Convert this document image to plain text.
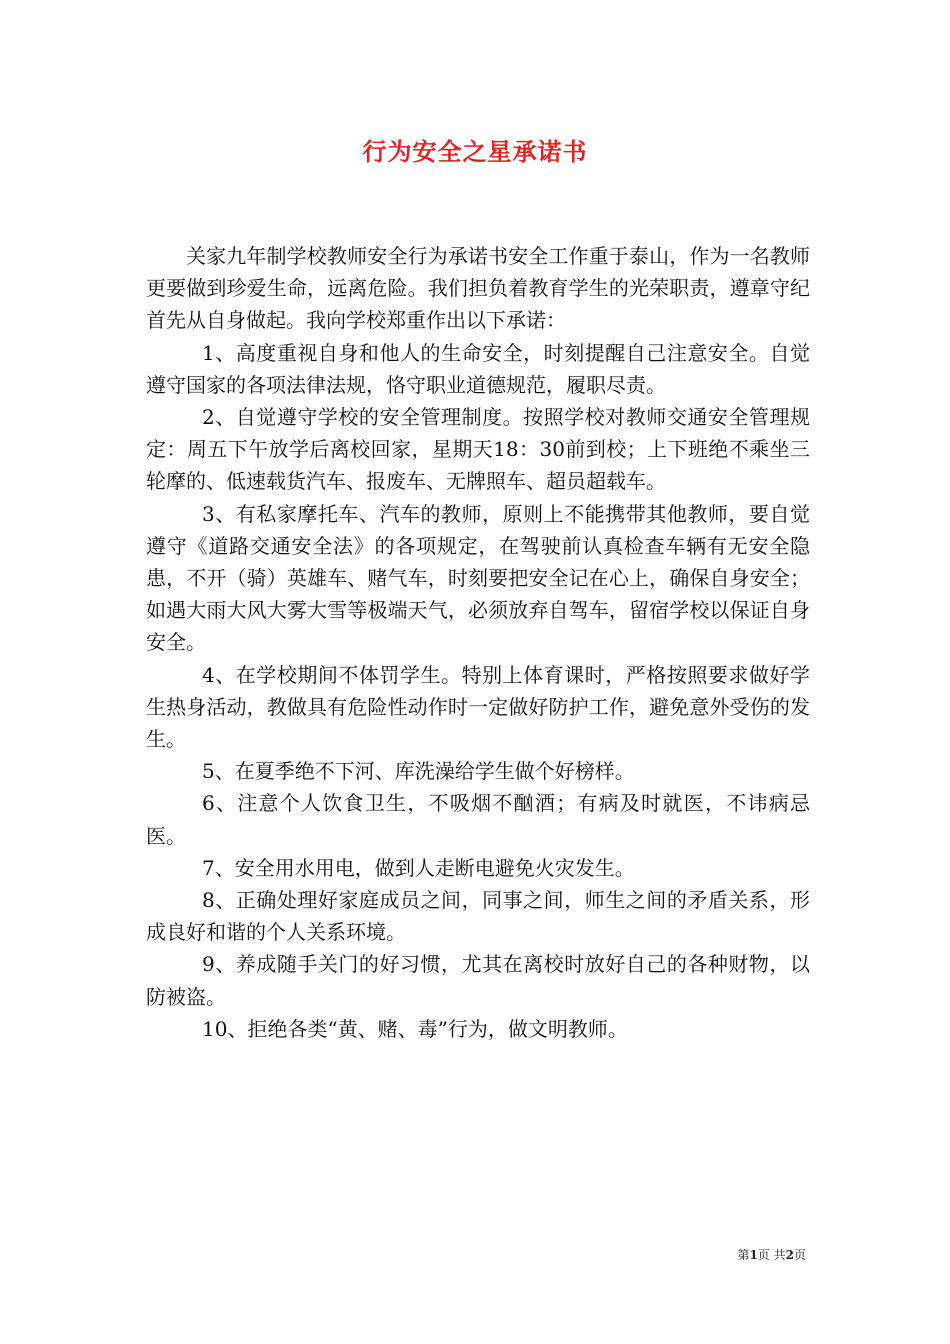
行为安全之星承诺书

关家九年制学校教师安全行为承诺书安全工作重于泰山，作为一名教师更要做到珍爱生命，远离危险。我们担负着教育学生的光荣职责，遵章守纪首先从自身做起。我向学校郑重作出以下承诺：

1、高度重视自身和他人的生命安全，时刻提醒自己注意安全。自觉遵守国家的各项法律法规，恪守职业道德规范，履职尽责。

2、自觉遵守学校的安全管理制度。按照学校对教师交通安全管理规定：周五下午放学后离校回家，星期天18：30前到校；上下班绝不乘坐三轮摩的、低速载货汽车、报废车、无牌照车、超员超载车。

3、有私家摩托车、汽车的教师，原则上不能携带其他教师，要自觉遵守《道路交通安全法》的各项规定，在驾驶前认真检查车辆有无安全隐患，不开（骑）英雄车、赌气车，时刻要把安全记在心上，确保自身安全；如遇大雨大风大雾大雪等极端天气，必须放弃自驾车，留宿学校以保证自身安全。

4、在学校期间不体罚学生。特别上体育课时，严格按照要求做好学生热身活动，教做具有危险性动作时一定做好防护工作，避免意外受伤的发生。

5、在夏季绝不下河、库洗澡给学生做个好榜样。

6、注意个人饮食卫生，不吸烟不酗酒；有病及时就医，不讳病忌医。

7、安全用水用电，做到人走断电避免火灾发生。

8、正确处理好家庭成员之间，同事之间，师生之间的矛盾关系，形成良好和谐的个人关系环境。

9、养成随手关门的好习惯，尤其在离校时放好自己的各种财物，以防被盗。

10、拒绝各类“黄、赌、毒”行为，做文明教师。

第1页 共2页
